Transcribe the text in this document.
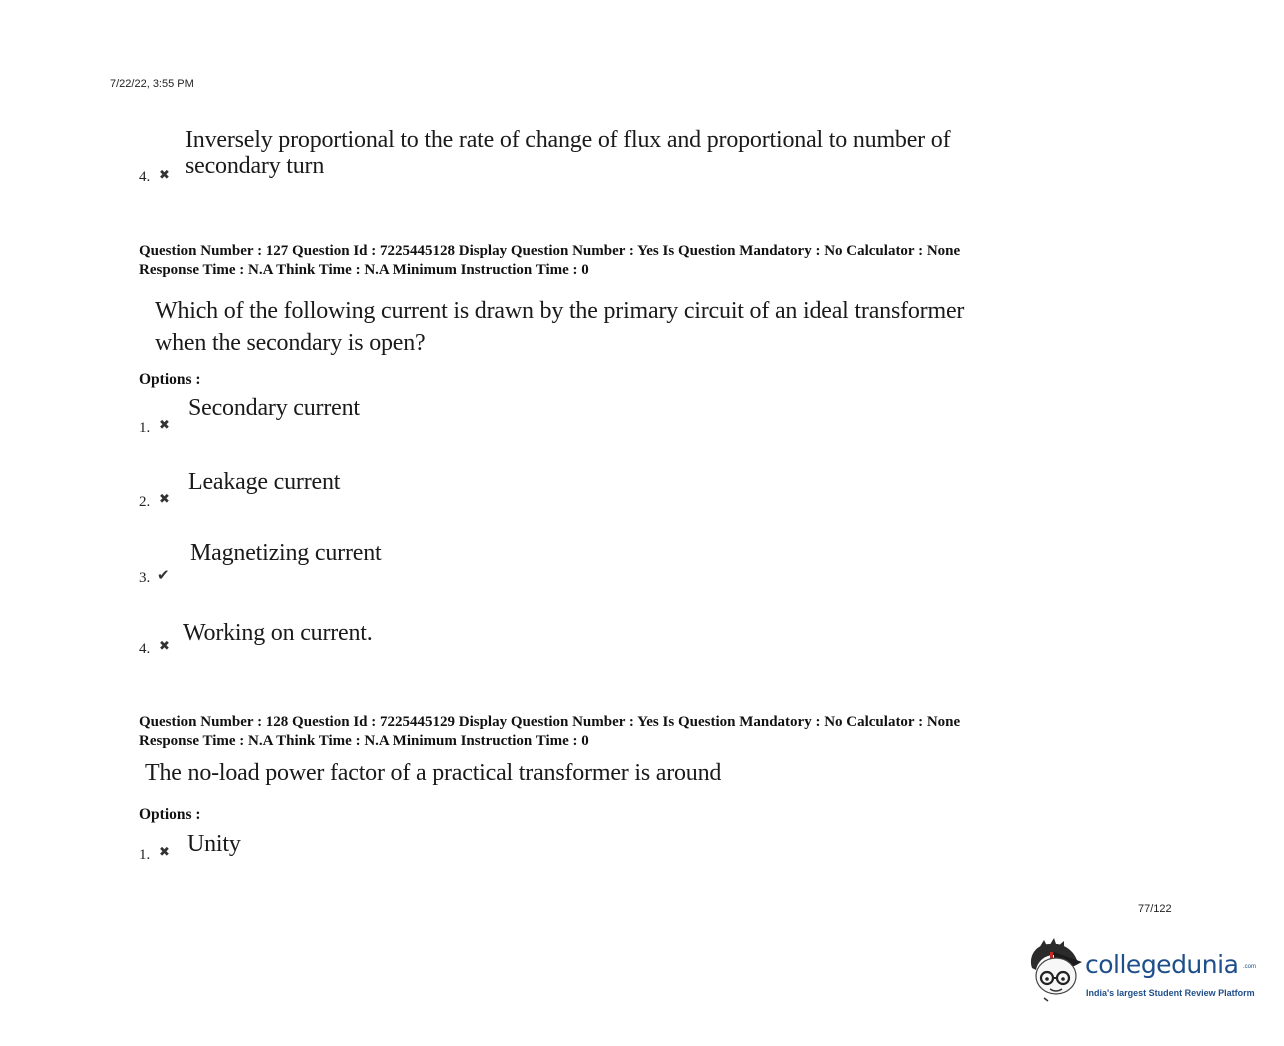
7/22/22, 3:55 PM
Inversely proportional to the rate of change of flux and proportional to number of
secondary turn
4. ✖
Question Number : 127 Question Id : 7225445128 Display Question Number : Yes Is Question Mandatory : No Calculator : None
Response Time : N.A Think Time : N.A Minimum Instruction Time : 0
Which of the following current is drawn by the primary circuit of an ideal transformer
when the secondary is open?
Options :
Secondary current
1. ✖
Leakage current
2. ✖
Magnetizing current
3. ✔
Working on current.
4. ✖
Question Number : 128 Question Id : 7225445129 Display Question Number : Yes Is Question Mandatory : No Calculator : None
Response Time : N.A Think Time : N.A Minimum Instruction Time : 0
The no-load power factor of a practical transformer is around
Options :
Unity
1. ✖
77/122
collegedunia .com
India's largest Student Review Platform
